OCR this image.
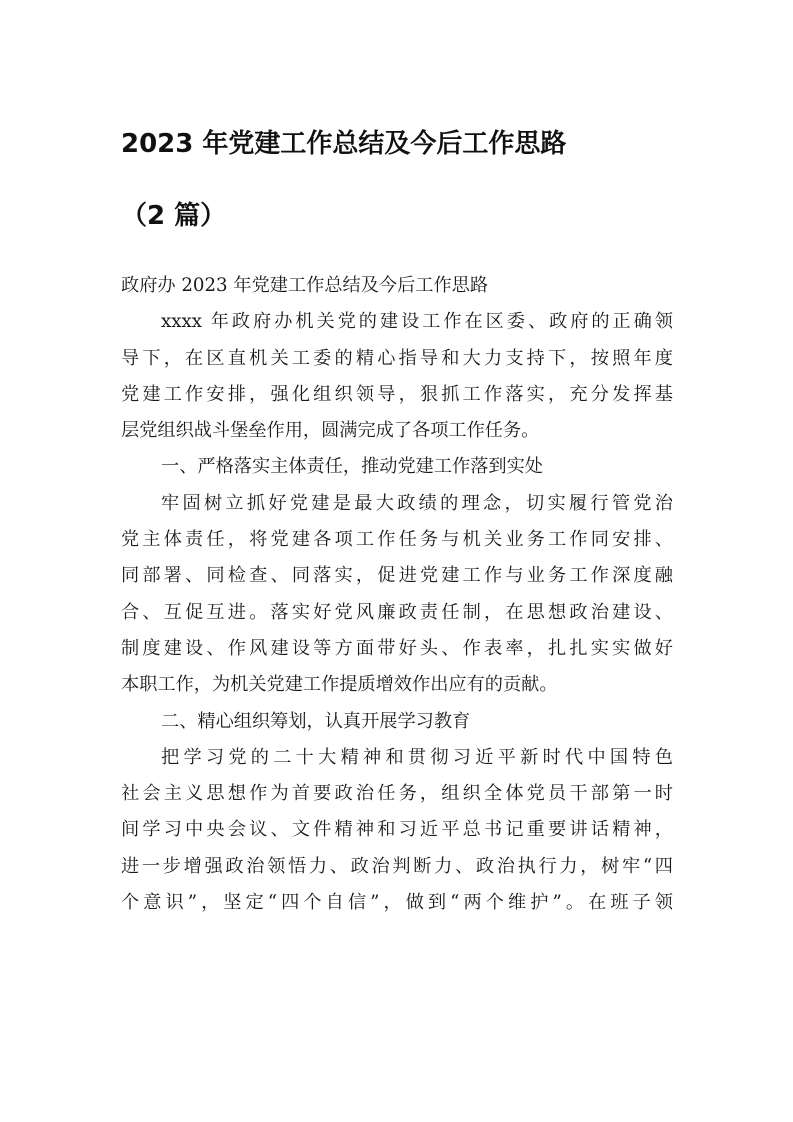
2023 年党建工作总结及今后工作思路
（2 篇）
政府办 2023 年党建工作总结及今后工作思路
xxxx 年政府办机关党的建设工作在区委、政府的正确领
导下，在区直机关工委的精心指导和大力支持下，按照年度
党建工作安排，强化组织领导，狠抓工作落实，充分发挥基
层党组织战斗堡垒作用，圆满完成了各项工作任务。
一、严格落实主体责任，推动党建工作落到实处
牢固树立抓好党建是最大政绩的理念，切实履行管党治
党主体责任，将党建各项工作任务与机关业务工作同安排、
同部署、同检查、同落实，促进党建工作与业务工作深度融
合、互促互进。落实好党风廉政责任制，在思想政治建设、
制度建设、作风建设等方面带好头、作表率，扎扎实实做好
本职工作，为机关党建工作提质增效作出应有的贡献。
二、精心组织筹划，认真开展学习教育
把学习党的二十大精神和贯彻习近平新时代中国特色
社会主义思想作为首要政治任务，组织全体党员干部第一时
间学习中央会议、文件精神和习近平总书记重要讲话精神，
进一步增强政治领悟力、政治判断力、政治执行力，树牢“四
个意识”，坚定“四个自信”，做到“两个维护”。在班子领
